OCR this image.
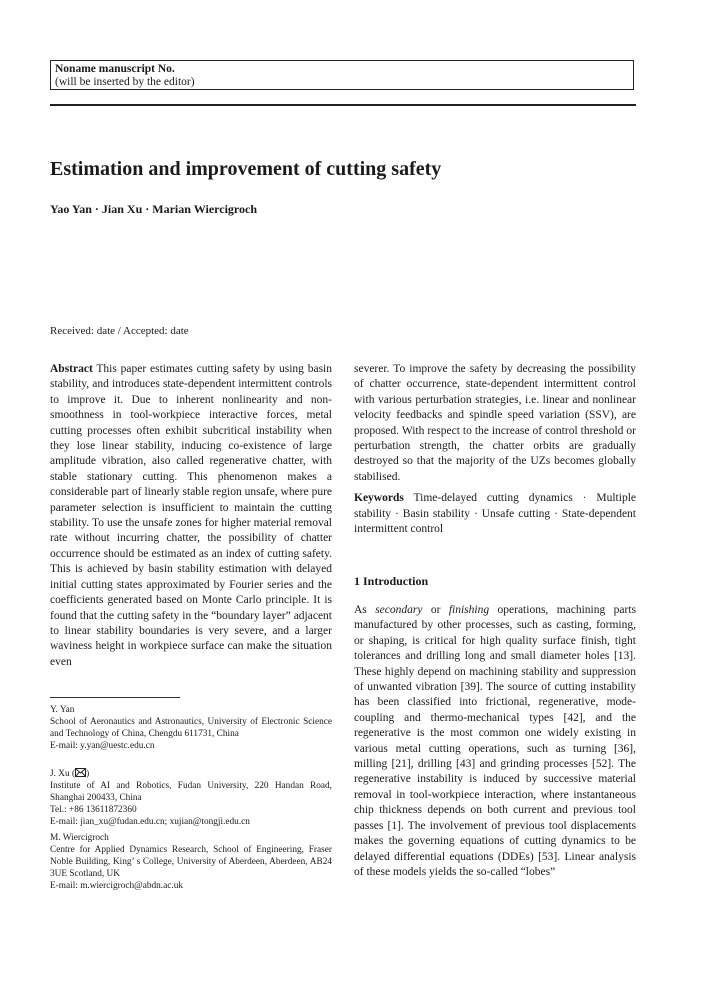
Noname manuscript No.
(will be inserted by the editor)
Estimation and improvement of cutting safety
Yao Yan · Jian Xu · Marian Wiercigroch
Received: date / Accepted: date

Abstract This paper estimates cutting safety by using basin stability, and introduces state-dependent intermittent controls to improve it. Due to inherent nonlinearity and non-smoothness in tool-workpiece interactive forces, metal cutting processes often exhibit subcritical instability when they lose linear stability, inducing co-existence of large amplitude vibration, also called regenerative chatter, with stable stationary cutting. This phenomenon makes a considerable part of linearly stable region unsafe, where pure parameter selection is insufficient to maintain the cutting stability. To use the unsafe zones for higher material removal rate without incurring chatter, the possibility of chatter occurrence should be estimated as an index of cutting safety. This is achieved by basin stability estimation with delayed initial cutting states approximated by Fourier series and the coefficients generated based on Monte Carlo principle. It is found that the cutting safety in the “boundary layer” adjacent to linear stability boundaries is very severe, and a larger waviness height in workpiece surface can make the situation even

severer. To improve the safety by decreasing the possibility of chatter occurrence, state-dependent intermittent control with various perturbation strategies, i.e. linear and nonlinear velocity feedbacks and spindle speed variation (SSV), are proposed. With respect to the increase of control threshold or perturbation strength, the chatter orbits are gradually destroyed so that the majority of the UZs becomes globally stabilised.

Keywords Time-delayed cutting dynamics · Multiple stability · Basin stability · Unsafe cutting · State-dependent intermittent control

1 Introduction

As secondary or finishing operations, machining parts manufactured by other processes, such as casting, forming, or shaping, is critical for high quality surface finish, tight tolerances and drilling long and small diameter holes [13]. These highly depend on machining stability and suppression of unwanted vibration [39]. The source of cutting instability has been classified into frictional, regenerative, mode-coupling and thermo-mechanical types [42], and the regenerative is the most common one widely existing in various metal cutting operations, such as turning [36], milling [21], drilling [43] and grinding processes [52]. The regenerative instability is induced by successive material removal in tool-workpiece interaction, where instantaneous chip thickness depends on both current and previous tool passes [1]. The involvement of previous tool displacements makes the governing equations of cutting dynamics to be delayed differential equations (DDEs) [53]. Linear analysis of these models yields the so-called “lobes”

Y. Yan
School of Aeronautics and Astronautics, University of Electronic Science and Technology of China, Chengdu 611731, China
E-mail: y.yan@uestc.edu.cn
J. Xu ( )
Institute of AI and Robotics, Fudan University, 220 Handan Road, Shanghai 200433, China
Tel.: +86 13611872360
E-mail: jian_xu@fudan.edu.cn; xujian@tongji.edu.cn
M. Wiercigroch
Centre for Applied Dynamics Research, School of Engineering, Fraser Noble Building, King’ s College, University of Aberdeen, Aberdeen, AB24 3UE Scotland, UK
E-mail: m.wiercigroch@abdn.ac.uk
